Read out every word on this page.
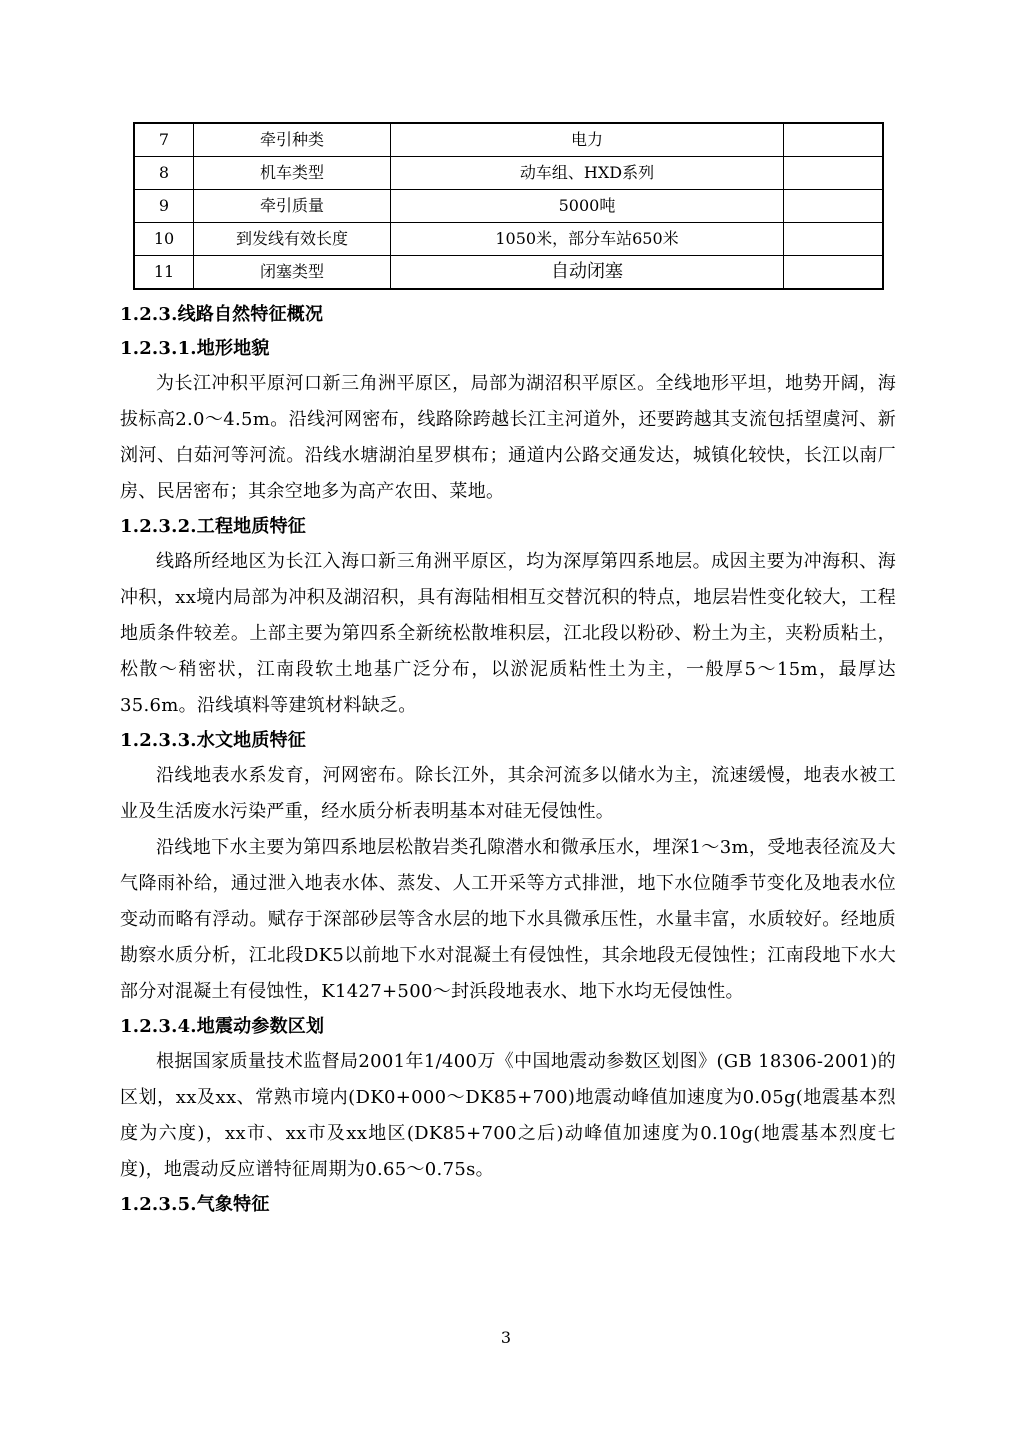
7	牵引种类	电力	
8	机车类型	动车组、HXD系列	
9	牵引质量	5000吨	
10	到发线有效长度	1050米，部分车站650米	
11	闭塞类型	自动闭塞	
1.2.3.线路自然特征概况
1.2.3.1.地形地貌

为长江冲积平原河口新三角洲平原区，局部为湖沼积平原区。全线地形平坦，地势开阔，海拔标高2.0～4.5m。沿线河网密布，线路除跨越长江主河道外，还要跨越其支流包括望虞河、新浏河、白茹河等河流。沿线水塘湖泊星罗棋布；通道内公路交通发达，城镇化较快，长江以南厂房、民居密布；其余空地多为高产农田、菜地。

1.2.3.2.工程地质特征

线路所经地区为长江入海口新三角洲平原区，均为深厚第四系地层。成因主要为冲海积、海冲积，xx境内局部为冲积及湖沼积，具有海陆相相互交替沉积的特点，地层岩性变化较大，工程地质条件较差。上部主要为第四系全新统松散堆积层，江北段以粉砂、粉土为主，夹粉质粘土，松散～稍密状，江南段软土地基广泛分布，以淤泥质粘性土为主，一般厚5～15m，最厚达35.6m。沿线填料等建筑材料缺乏。

1.2.3.3.水文地质特征

沿线地表水系发育，河网密布。除长江外，其余河流多以储水为主，流速缓慢，地表水被工业及生活废水污染严重，经水质分析表明基本对硅无侵蚀性。

沿线地下水主要为第四系地层松散岩类孔隙潜水和微承压水，埋深1～3m，受地表径流及大气降雨补给，通过泄入地表水体、蒸发、人工开采等方式排泄，地下水位随季节变化及地表水位变动而略有浮动。赋存于深部砂层等含水层的地下水具微承压性，水量丰富，水质较好。经地质勘察水质分析，江北段DK5以前地下水对混凝土有侵蚀性，其余地段无侵蚀性；江南段地下水大部分对混凝土有侵蚀性，K1427+500～封浜段地表水、地下水均无侵蚀性。

1.2.3.4.地震动参数区划

根据国家质量技术监督局2001年1/400万《中国地震动参数区划图》(GB 18306-2001)的区划，xx及xx、常熟市境内(DK0+000～DK85+700)地震动峰值加速度为0.05g(地震基本烈度为六度)，xx市、xx市及xx地区(DK85+700之后)动峰值加速度为0.10g(地震基本烈度七度)，地震动反应谱特征周期为0.65～0.75s。

1.2.3.5.气象特征
3
